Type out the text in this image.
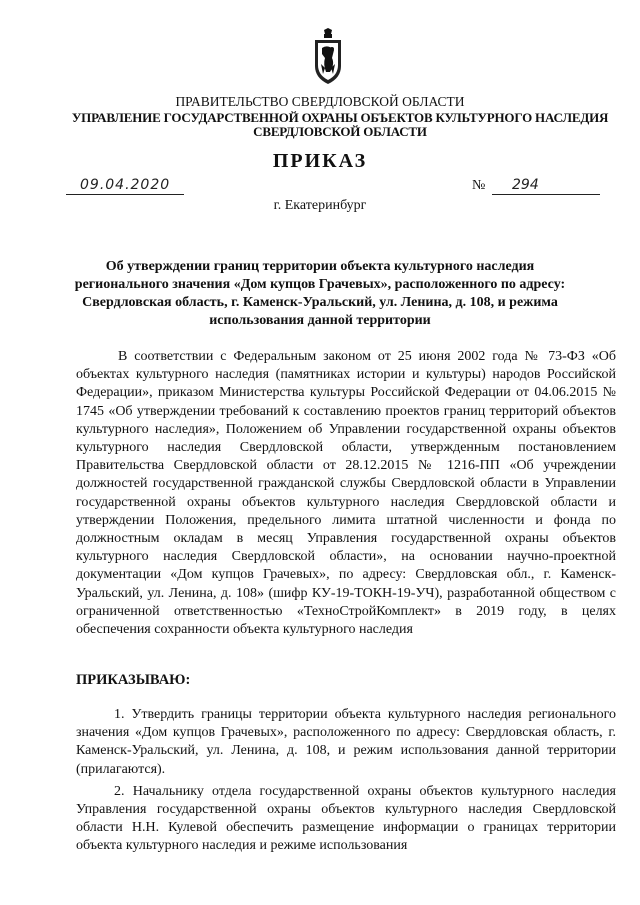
ПРАВИТЕЛЬСТВО СВЕРДЛОВСКОЙ ОБЛАСТИ
УПРАВЛЕНИЕ ГОСУДАРСТВЕННОЙ ОХРАНЫ ОБЪЕКТОВ КУЛЬТУРНОГО НАСЛЕДИЯ СВЕРДЛОВСКОЙ ОБЛАСТИ
ПРИКАЗ
09.04.2020	№	294
г. Екатеринбург
Об утверждении границ территории объекта культурного наследия регионального значения «Дом купцов Грачевых», расположенного по адресу: Свердловская область, г. Каменск-Уральский, ул. Ленина, д. 108, и режима использования данной территории

В соответствии с Федеральным законом от 25 июня 2002 года № 73-ФЗ «Об объектах культурного наследия (памятниках истории и культуры) народов Российской Федерации», приказом Министерства культуры Российской Федерации от 04.06.2015 № 1745 «Об утверждении требований к составлению проектов границ территорий объектов культурного наследия», Положением об Управлении государственной охраны объектов культурного наследия Свердловской области, утвержденным постановлением Правительства Свердловской области от 28.12.2015 № 1216-ПП «Об учреждении должностей государственной гражданской службы Свердловской области в Управлении государственной охраны объектов культурного наследия Свердловской области и утверждении Положения, предельного лимита штатной численности и фонда по должностным окладам в месяц Управления государственной охраны объектов культурного наследия Свердловской области», на основании научно-проектной документации «Дом купцов Грачевых», по адресу: Свердловская обл., г. Каменск-Уральский, ул. Ленина, д. 108» (шифр КУ-19-ТОКН-19-УЧ), разработанной обществом с ограниченной ответственностью «ТехноСтройКомплект» в 2019 году, в целях обеспечения сохранности объекта культурного наследия

ПРИКАЗЫВАЮ:

1. Утвердить границы территории объекта культурного наследия регионального значения «Дом купцов Грачевых», расположенного по адресу: Свердловская область, г. Каменск-Уральский, ул. Ленина, д. 108, и режим использования данной территории (прилагаются).

2. Начальнику отдела государственной охраны объектов культурного наследия Управления государственной охраны объектов культурного наследия Свердловской области Н.Н. Кулевой обеспечить размещение информации о границах территории объекта культурного наследия и режиме использования
